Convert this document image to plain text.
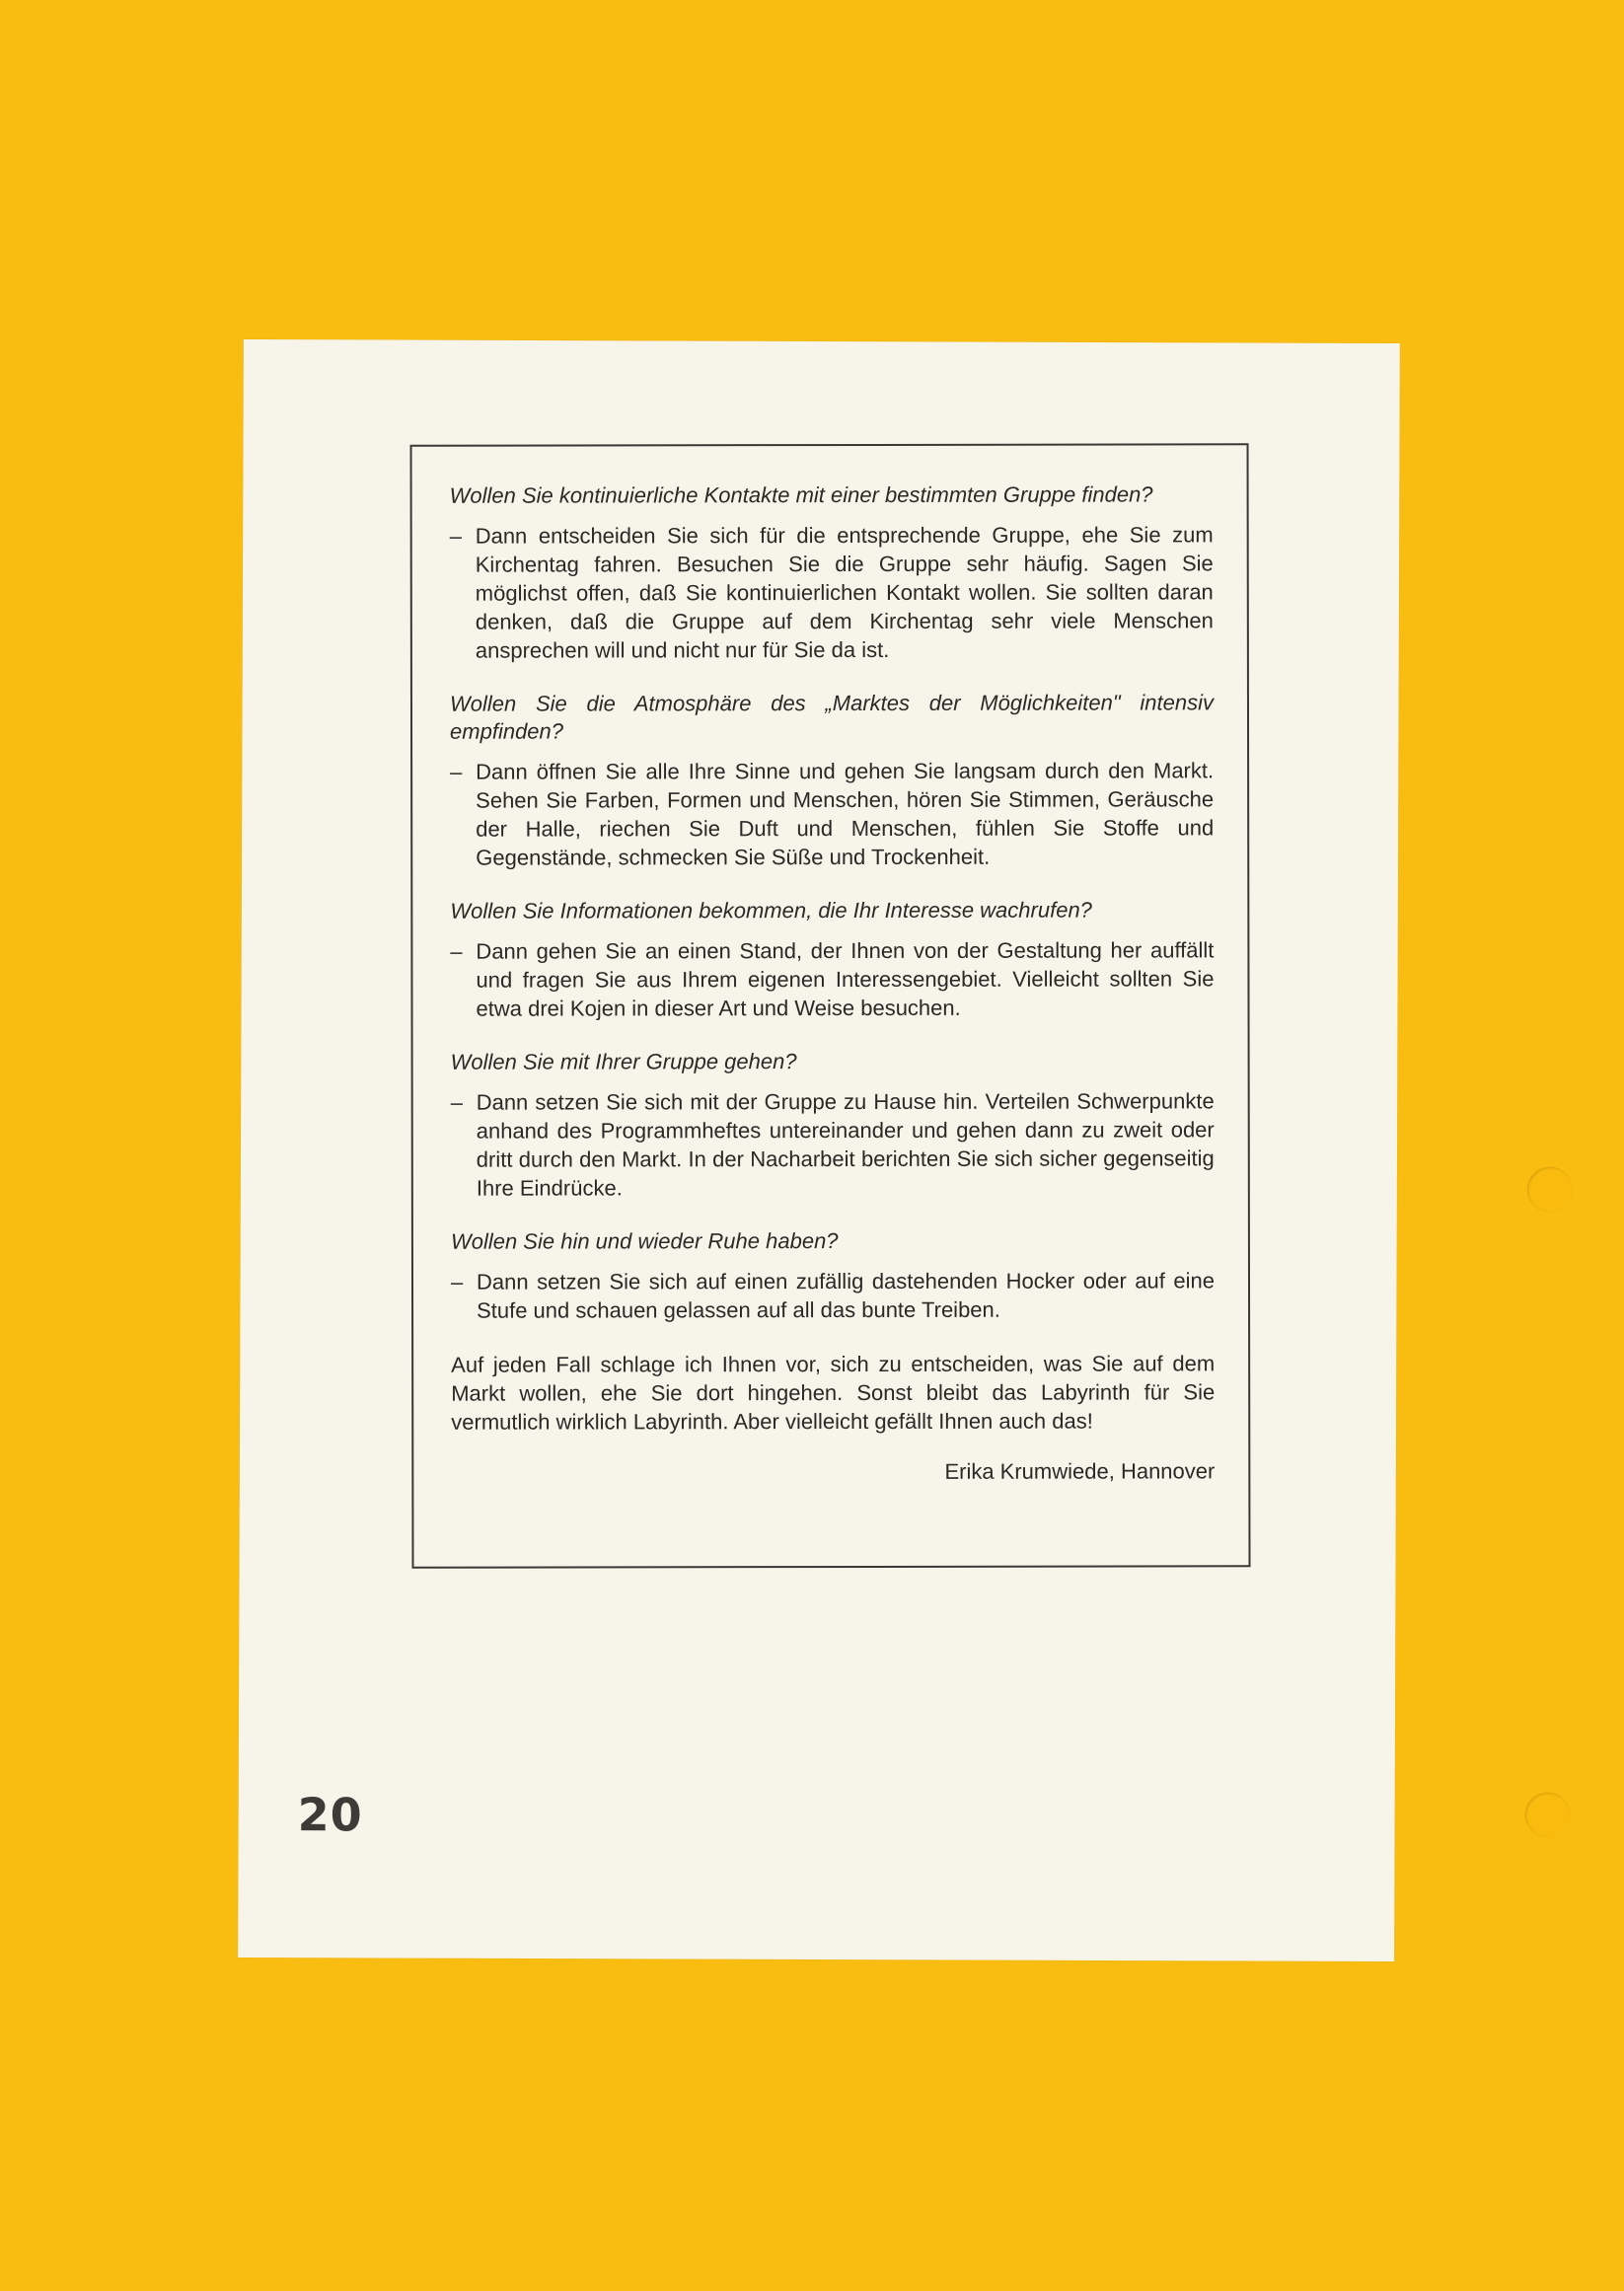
Wollen Sie kontinuierliche Kontakte mit einer bestimmten Gruppe finden?

– Dann entscheiden Sie sich für die entsprechende Gruppe, ehe Sie zum Kirchentag fahren. Besuchen Sie die Gruppe sehr häufig. Sagen Sie möglichst offen, daß Sie kontinuierlichen Kontakt wollen. Sie sollten daran denken, daß die Gruppe auf dem Kirchentag sehr viele Menschen ansprechen will und nicht nur für Sie da ist.

Wollen Sie die Atmosphäre des „Marktes der Möglichkeiten" intensiv empfinden?

– Dann öffnen Sie alle Ihre Sinne und gehen Sie langsam durch den Markt. Sehen Sie Farben, Formen und Menschen, hören Sie Stimmen, Geräusche der Halle, riechen Sie Duft und Menschen, fühlen Sie Stoffe und Gegenstände, schmecken Sie Süße und Trockenheit.

Wollen Sie Informationen bekommen, die Ihr Interesse wachrufen?

– Dann gehen Sie an einen Stand, der Ihnen von der Gestaltung her auffällt und fragen Sie aus Ihrem eigenen Interessengebiet. Vielleicht sollten Sie etwa drei Kojen in dieser Art und Weise besuchen.

Wollen Sie mit Ihrer Gruppe gehen?

– Dann setzen Sie sich mit der Gruppe zu Hause hin. Verteilen Schwerpunkte anhand des Programmheftes untereinander und gehen dann zu zweit oder dritt durch den Markt. In der Nacharbeit berichten Sie sich sicher gegenseitig Ihre Eindrücke.

Wollen Sie hin und wieder Ruhe haben?

– Dann setzen Sie sich auf einen zufällig dastehenden Hocker oder auf eine Stufe und schauen gelassen auf all das bunte Treiben.

Auf jeden Fall schlage ich Ihnen vor, sich zu entscheiden, was Sie auf dem Markt wollen, ehe Sie dort hingehen. Sonst bleibt das Labyrinth für Sie vermutlich wirklich Labyrinth. Aber vielleicht gefällt Ihnen auch das!

Erika Krumwiede, Hannover

20
